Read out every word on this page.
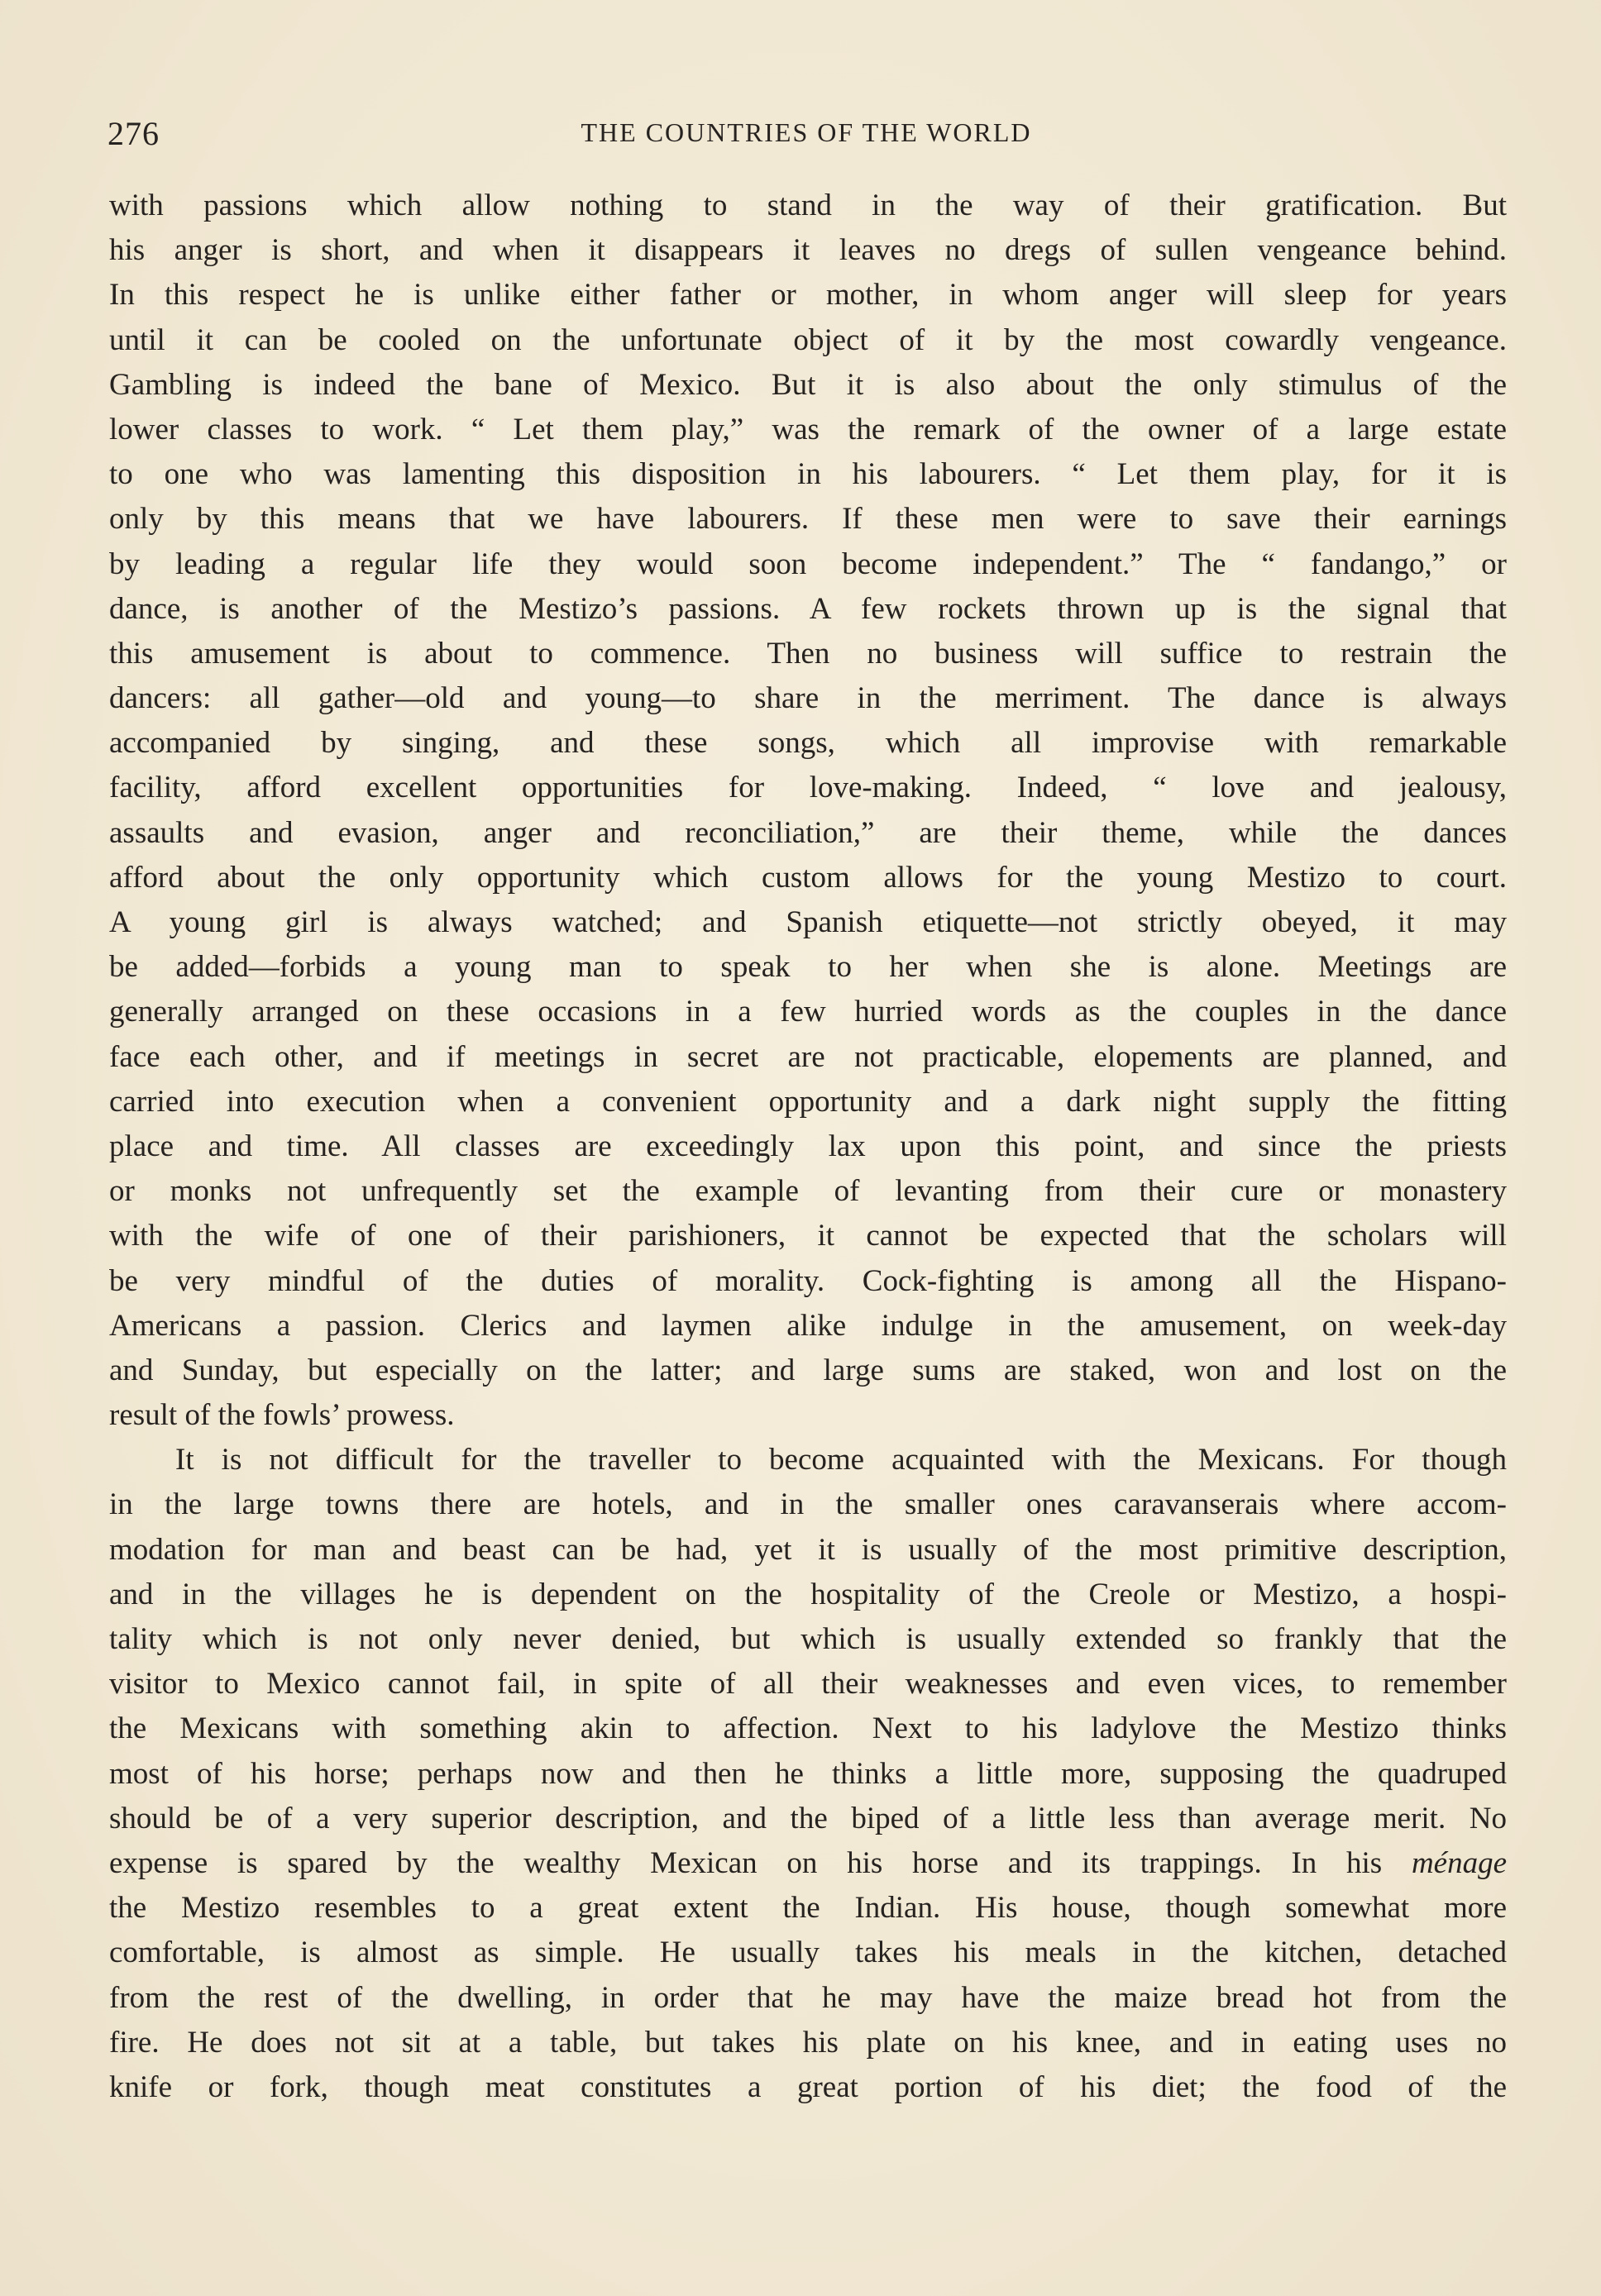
276	THE COUNTRIES OF THE WORLD
with passions which allow nothing to stand in the way of their gratification. But
his anger is short, and when it disappears it leaves no dregs of sullen vengeance behind.
In this respect he is unlike either father or mother, in whom anger will sleep for years
until it can be cooled on the unfortunate object of it by the most cowardly vengeance.
Gambling is indeed the bane of Mexico. But it is also about the only stimulus of the
lower classes to work. “ Let them play,” was the remark of the owner of a large estate
to one who was lamenting this disposition in his labourers. “ Let them play, for it is
only by this means that we have labourers. If these men were to save their earnings
by leading a regular life they would soon become independent.” The “ fandango,” or
dance, is another of the Mestizo’s passions. A few rockets thrown up is the signal that
this amusement is about to commence. Then no business will suffice to restrain the
dancers: all gather—old and young—to share in the merriment. The dance is always
accompanied by singing, and these songs, which all improvise with remarkable
facility, afford excellent opportunities for love-making. Indeed, “ love and jealousy,
assaults and evasion, anger and reconciliation,” are their theme, while the dances
afford about the only opportunity which custom allows for the young Mestizo to court.
A young girl is always watched; and Spanish etiquette—not strictly obeyed, it may
be added—forbids a young man to speak to her when she is alone. Meetings are
generally arranged on these occasions in a few hurried words as the couples in the dance
face each other, and if meetings in secret are not practicable, elopements are planned, and
carried into execution when a convenient opportunity and a dark night supply the fitting
place and time. All classes are exceedingly lax upon this point, and since the priests
or monks not unfrequently set the example of levanting from their cure or monastery
with the wife of one of their parishioners, it cannot be expected that the scholars will
be very mindful of the duties of morality. Cock-fighting is among all the Hispano-
Americans a passion. Clerics and laymen alike indulge in the amusement, on week-day
and Sunday, but especially on the latter; and large sums are staked, won and lost on the
result of the fowls’ prowess.
It is not difficult for the traveller to become acquainted with the Mexicans. For though
in the large towns there are hotels, and in the smaller ones caravanserais where accom-
modation for man and beast can be had, yet it is usually of the most primitive description,
and in the villages he is dependent on the hospitality of the Creole or Mestizo, a hospi-
tality which is not only never denied, but which is usually extended so frankly that the
visitor to Mexico cannot fail, in spite of all their weaknesses and even vices, to remember
the Mexicans with something akin to affection. Next to his ladylove the Mestizo thinks
most of his horse; perhaps now and then he thinks a little more, supposing the quadruped
should be of a very superior description, and the biped of a little less than average merit. No
expense is spared by the wealthy Mexican on his horse and its trappings. In his ménage
the Mestizo resembles to a great extent the Indian. His house, though somewhat more
comfortable, is almost as simple. He usually takes his meals in the kitchen, detached
from the rest of the dwelling, in order that he may have the maize bread hot from the
fire. He does not sit at a table, but takes his plate on his knee, and in eating uses no
knife or fork, though meat constitutes a great portion of his diet; the food of the
